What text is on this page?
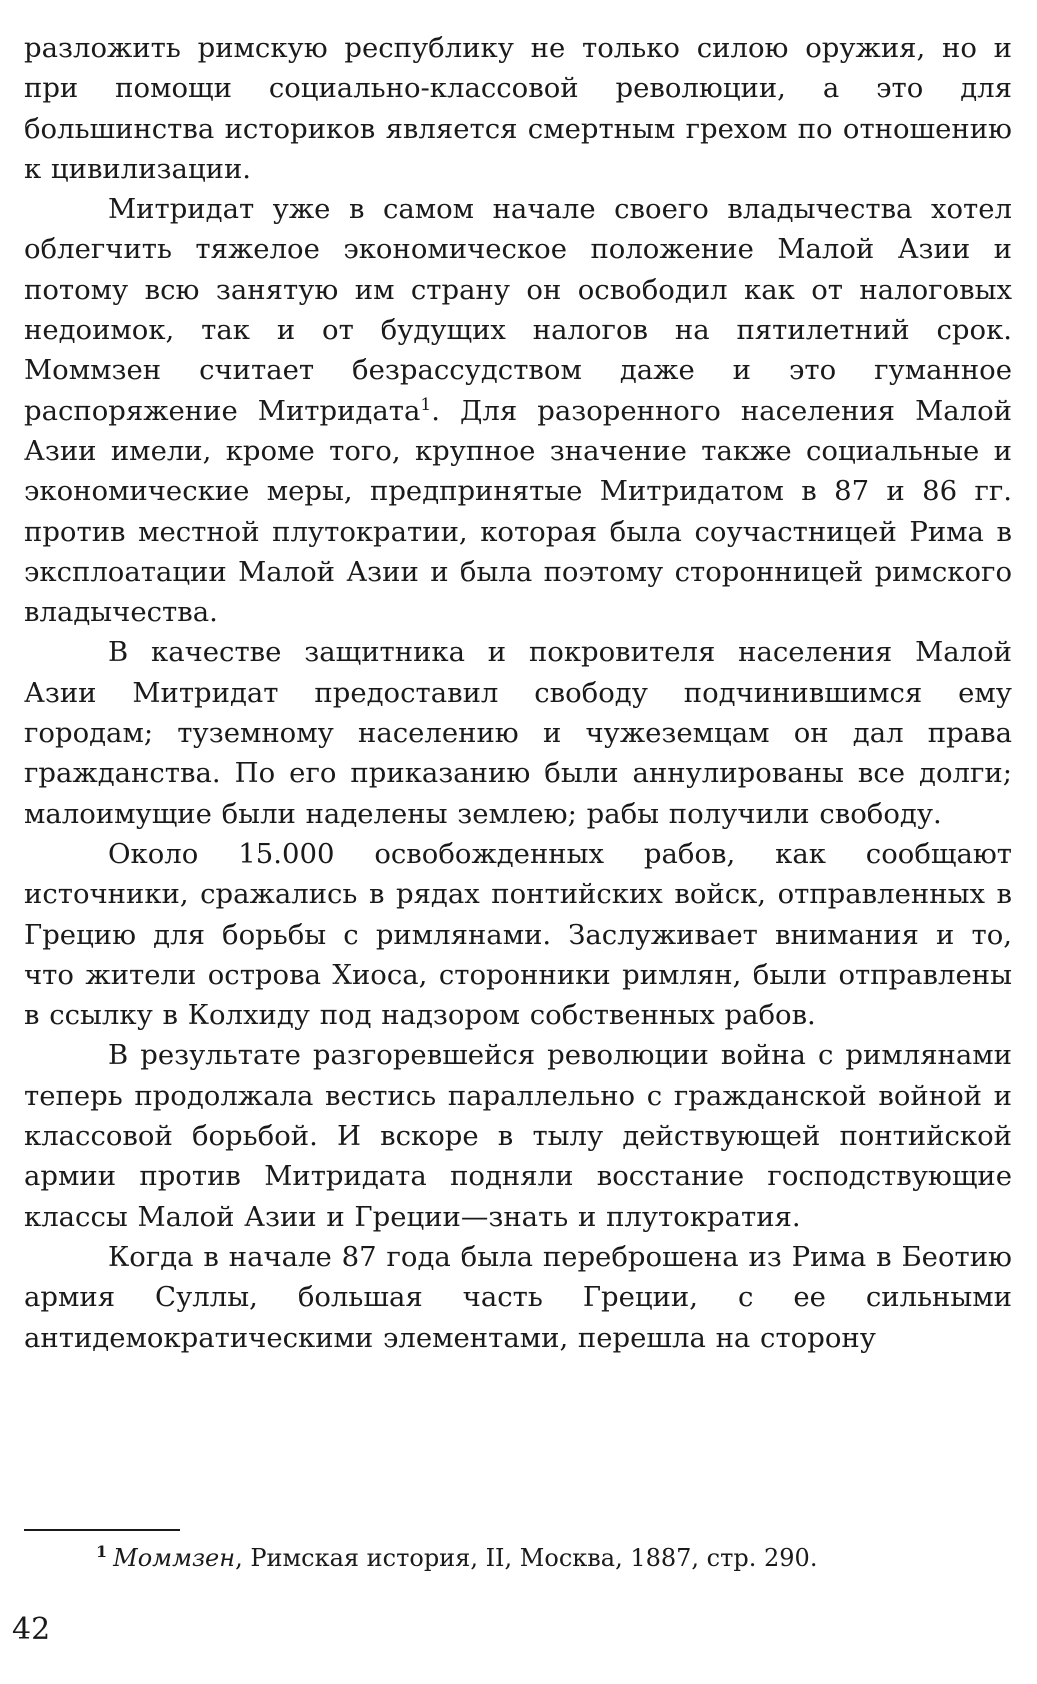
разложить римскую республику не только силою оружия, но и при помощи социально-классовой революции, а это для большинства историков является смертным грехом по отношению к цивилизации.

Митридат уже в самом начале своего владычества хотел облегчить тяжелое экономическое положение Малой Азии и потому всю занятую им страну он освободил как от налоговых недоимок, так и от будущих налогов на пятилетний срок. Моммзен считает безрассудством даже и это гуманное распоряжение Митридата$^1$. Для разоренного населения Малой Азии имели, кроме того, крупное значение также социальные и экономические меры, предпринятые Митридатом в 87 и 86 гг. против местной плутократии, которая была соучастницей Рима в эксплоатации Малой Азии и была поэтому сторонницей римского владычества.

В качестве защитника и покровителя населения Малой Азии Митридат предоставил свободу подчинившимся ему городам; туземному населению и чужеземцам он дал права гражданства. По его приказанию были аннулированы все долги; малоимущие были наделены землею; рабы получили свободу.

Около 15.000 освобожденных рабов, как сообщают источники, сражались в рядах понтийских войск, отправленных в Грецию для борьбы с римлянами. Заслуживает внимания и то, что жители острова Хиоса, сторонники римлян, были отправлены в ссылку в Колхиду под надзором собственных рабов.

В результате разгоревшейся революции война с римлянами теперь продолжала вестись параллельно с гражданской войной и классовой борьбой. И вскоре в тылу действующей понтийской армии против Митридата подняли восстание господствующие классы Малой Азии и Греции—знать и плутократия.

Когда в начале 87 года была переброшена из Рима в Беотию армия Суллы, большая часть Греции, с ее сильными антидемократическими элементами, перешла на сторону

$^1$ Моммзен, Римская история, II, Москва, 1887, стр. 290.
42
